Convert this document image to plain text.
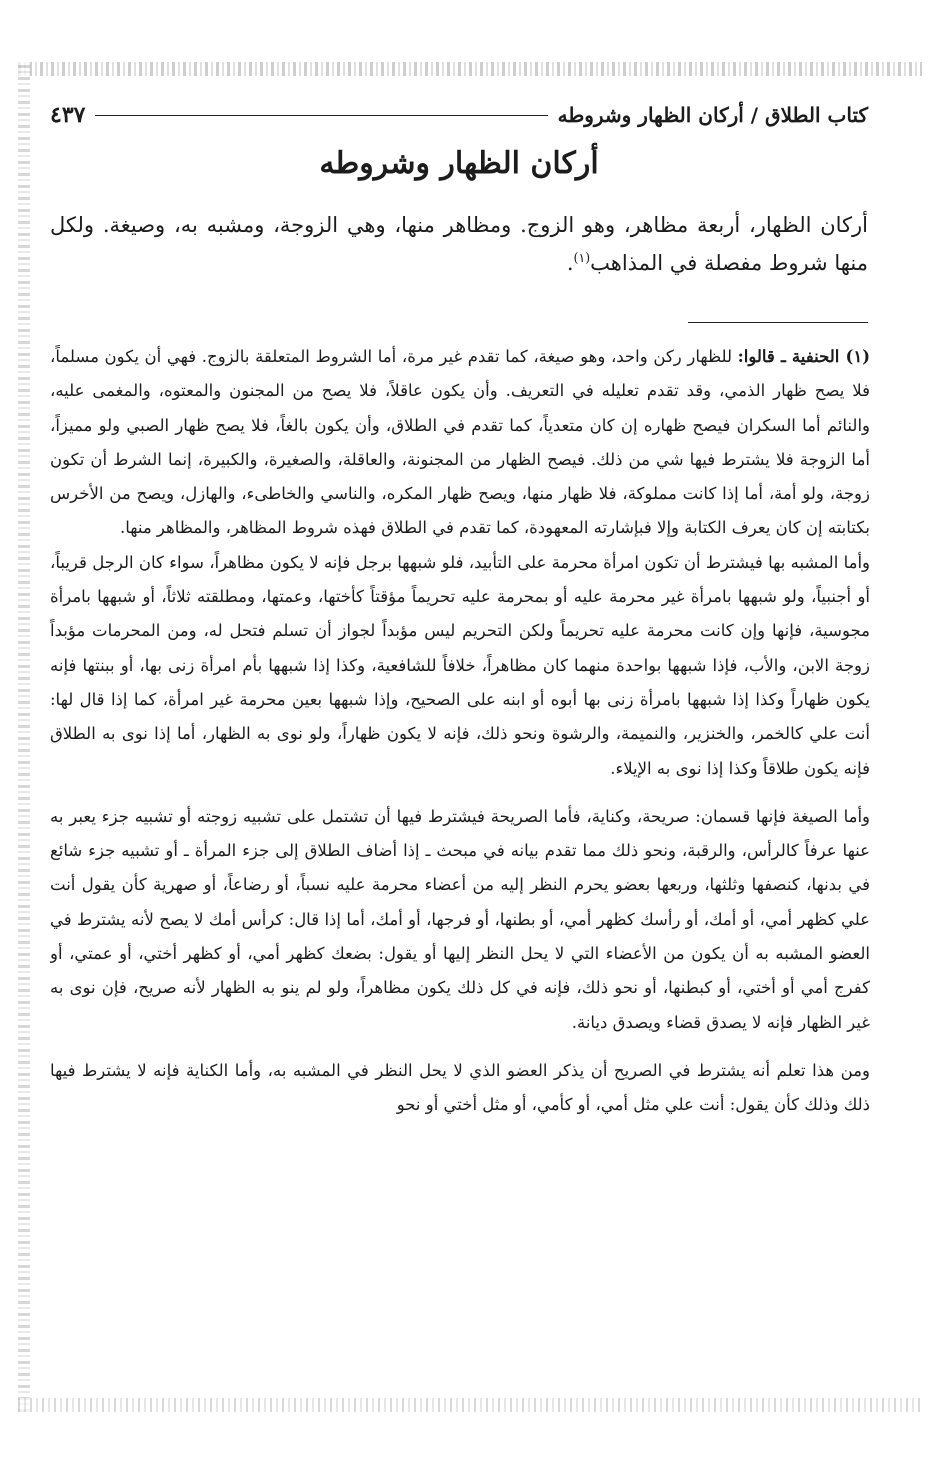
كتاب الطلاق / أركان الظهار وشروطه
٤٣٧
أركان الظهار وشروطه

أركان الظهار، أربعة مظاهر، وهو الزوج. ومظاهر منها، وهي الزوجة، ومشبه به، وصيغة. ولكل منها شروط مفصلة في المذاهب$^{(١)}$.

(١) الحنفية ـ قالوا: للظهار ركن واحد، وهو صيغة، كما تقدم غير مرة، أما الشروط المتعلقة بالزوج. فهي أن يكون مسلماً، فلا يصح ظهار الذمي، وقد تقدم تعليله في التعريف. وأن يكون عاقلاً، فلا يصح من المجنون والمعتوه، والمغمى عليه، والنائم أما السكران فيصح ظهاره إن كان متعدياً، كما تقدم في الطلاق، وأن يكون بالغاً، فلا يصح ظهار الصبي ولو مميزاً، أما الزوجة فلا يشترط فيها شي من ذلك. فيصح الظهار من المجنونة، والعاقلة، والصغيرة، والكبيرة، إنما الشرط أن تكون زوجة، ولو أمة، أما إذا كانت مملوكة، فلا ظهار منها، ويصح ظهار المكره، والناسي والخاطىء، والهازل، ويصح من الأخرس بكتابته إن كان يعرف الكتابة وإلا فبإشارته المعهودة، كما تقدم في الطلاق فهذه شروط المظاهر، والمظاهر منها.

وأما المشبه بها فيشترط أن تكون امرأة محرمة على التأبيد، فلو شبهها برجل فإنه لا يكون مظاهراً، سواء كان الرجل قريباً، أو أجنبياً، ولو شبهها بامرأة غير محرمة عليه أو بمحرمة عليه تحريماً مؤقتاً كأختها، وعمتها، ومطلقته ثلاثاً، أو شبهها بامرأة مجوسية، فإنها وإن كانت محرمة عليه تحريماً ولكن التحريم ليس مؤبداً لجواز أن تسلم فتحل له، ومن المحرمات مؤبداً زوجة الابن، والأب، فإذا شبهها بواحدة منهما كان مظاهراً، خلافاً للشافعية، وكذا إذا شبهها بأم امرأة زنى بها، أو ببنتها فإنه يكون ظهاراً وكذا إذا شبهها بامرأة زنى بها أبوه أو ابنه على الصحيح، وإذا شبهها بعين محرمة غير امرأة، كما إذا قال لها: أنت علي كالخمر، والخنزير، والنميمة، والرشوة ونحو ذلك، فإنه لا يكون ظهاراً، ولو نوى به الظهار، أما إذا نوى به الطلاق فإنه يكون طلاقاً وكذا إذا نوى به الإيلاء.

وأما الصيغة فإنها قسمان: صريحة، وكناية، فأما الصريحة فيشترط فيها أن تشتمل على تشبيه زوجته أو تشبيه جزء يعبر به عنها عرفاً كالرأس، والرقبة، ونحو ذلك مما تقدم بيانه في مبحث ـ إذا أضاف الطلاق إلى جزء المرأة ـ أو تشبيه جزء شائع في بدنها، كنصفها وثلثها، وربعها بعضو يحرم النظر إليه من أعضاء محرمة عليه نسباً، أو رضاعاً، أو صهرية كأن يقول أنت علي كظهر أمي، أو أمك، أو رأسك كظهر أمي، أو بطنها، أو فرجها، أو أمك، أما إذا قال: كرأس أمك لا يصح لأنه يشترط في العضو المشبه به أن يكون من الأعضاء التي لا يحل النظر إليها أو يقول: بضعك كظهر أمي، أو كظهر أختي، أو عمتي، أو كفرج أمي أو أختي، أو كبطنها، أو نحو ذلك، فإنه في كل ذلك يكون مظاهراً، ولو لم ينو به الظهار لأنه صريح، فإن نوى به غير الظهار فإنه لا يصدق قضاء ويصدق ديانة.

ومن هذا تعلم أنه يشترط في الصريح أن يذكر العضو الذي لا يحل النظر في المشبه به، وأما الكناية فإنه لا يشترط فيها ذلك وذلك كأن يقول: أنت علي مثل أمي، أو كأمي، أو مثل أختي أو نحو
